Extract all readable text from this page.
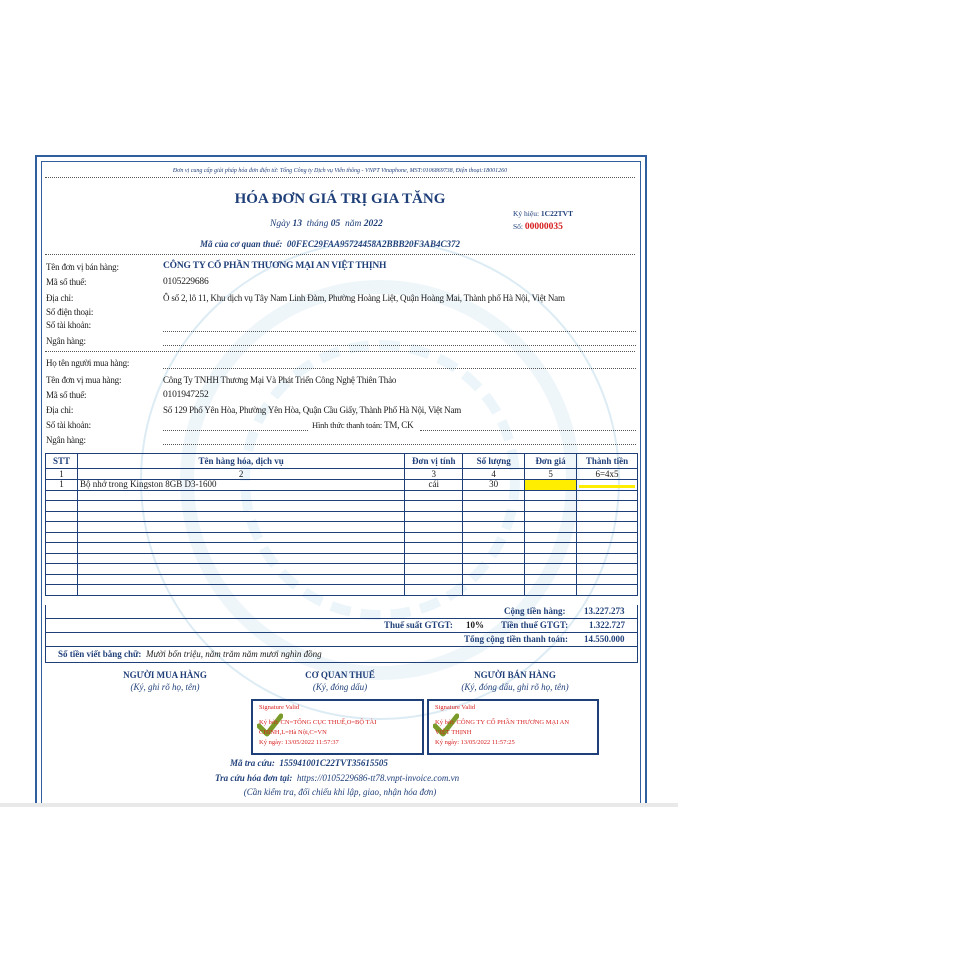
Đơn vị cung cấp giải pháp hóa đơn điện tử: Tổng Công ty Dịch vụ Viễn thông - VNPT Vinaphone, MST:0106869738, Điện thoại:18001260
HÓA ĐƠN GIÁ TRỊ GIA TĂNG
Ngày 13 tháng 05 năm 2022
Ký hiệu: 1C22TVT
Số: 00000035
Mã của cơ quan thuế: 00FEC29FAA95724458A2BBB20F3AB4C372
Tên đơn vị bán hàng:	CÔNG TY CỔ PHẦN THƯƠNG MẠI AN VIỆT THỊNH
Mã số thuế:	0105229686
Địa chỉ:	Ô số 2, lô 11, Khu dịch vụ Tây Nam Linh Đàm, Phường Hoàng Liệt, Quận Hoàng Mai, Thành phố Hà Nội, Việt Nam
Số điện thoại:
Số tài khoản:
Ngân hàng:
Họ tên người mua hàng:
Tên đơn vị mua hàng:	Công Ty TNHH Thương Mại Và Phát Triển Công Nghệ Thiên Thảo
Mã số thuế:	0101947252
Địa chỉ:	Số 129 Phố Yên Hòa, Phường Yên Hòa, Quận Cầu Giấy, Thành Phố Hà Nội, Việt Nam
Số tài khoản:	Hình thức thanh toán: TM, CK
Ngân hàng:
STT	Tên hàng hóa, dịch vụ	Đơn vị tính	Số lượng	Đơn giá	Thành tiền
1	2	3	4	5	6=4x5
1	Bộ nhớ trong Kingston 8GB D3-1600	cái	30		

Cộng tiền hàng: 13.227.273
Thuế suất GTGT: 10% Tiền thuế GTGT: 1.322.727
Tổng cộng tiền thanh toán: 14.550.000
Số tiền viết bằng chữ: Mười bốn triệu, năm trăm năm mươi nghìn đồng
NGƯỜI MUA HÀNG
(Ký, ghi rõ họ, tên)
CƠ QUAN THUẾ
(Ký, đóng dấu)
NGƯỜI BÁN HÀNG
(Ký, đóng dấu, ghi rõ họ, tên)
Signature Valid
Ký bởi: CN=TỔNG CỤC THUẾ,O=BỘ TÀI
CHÍNH,L=Hà Nội,C=VN
Ký ngày: 13/05/2022 11:57:37
Signature Valid
Ký bởi: CÔNG TY CỔ PHẦN THƯƠNG MẠI AN
VIỆT THỊNH
Ký ngày: 13/05/2022 11:57:25
Mã tra cứu: 155941001C22TVT35615505
Tra cứu hóa đơn tại: https://0105229686-tt78.vnpt-invoice.com.vn
(Cần kiểm tra, đối chiếu khi lập, giao, nhận hóa đơn)
